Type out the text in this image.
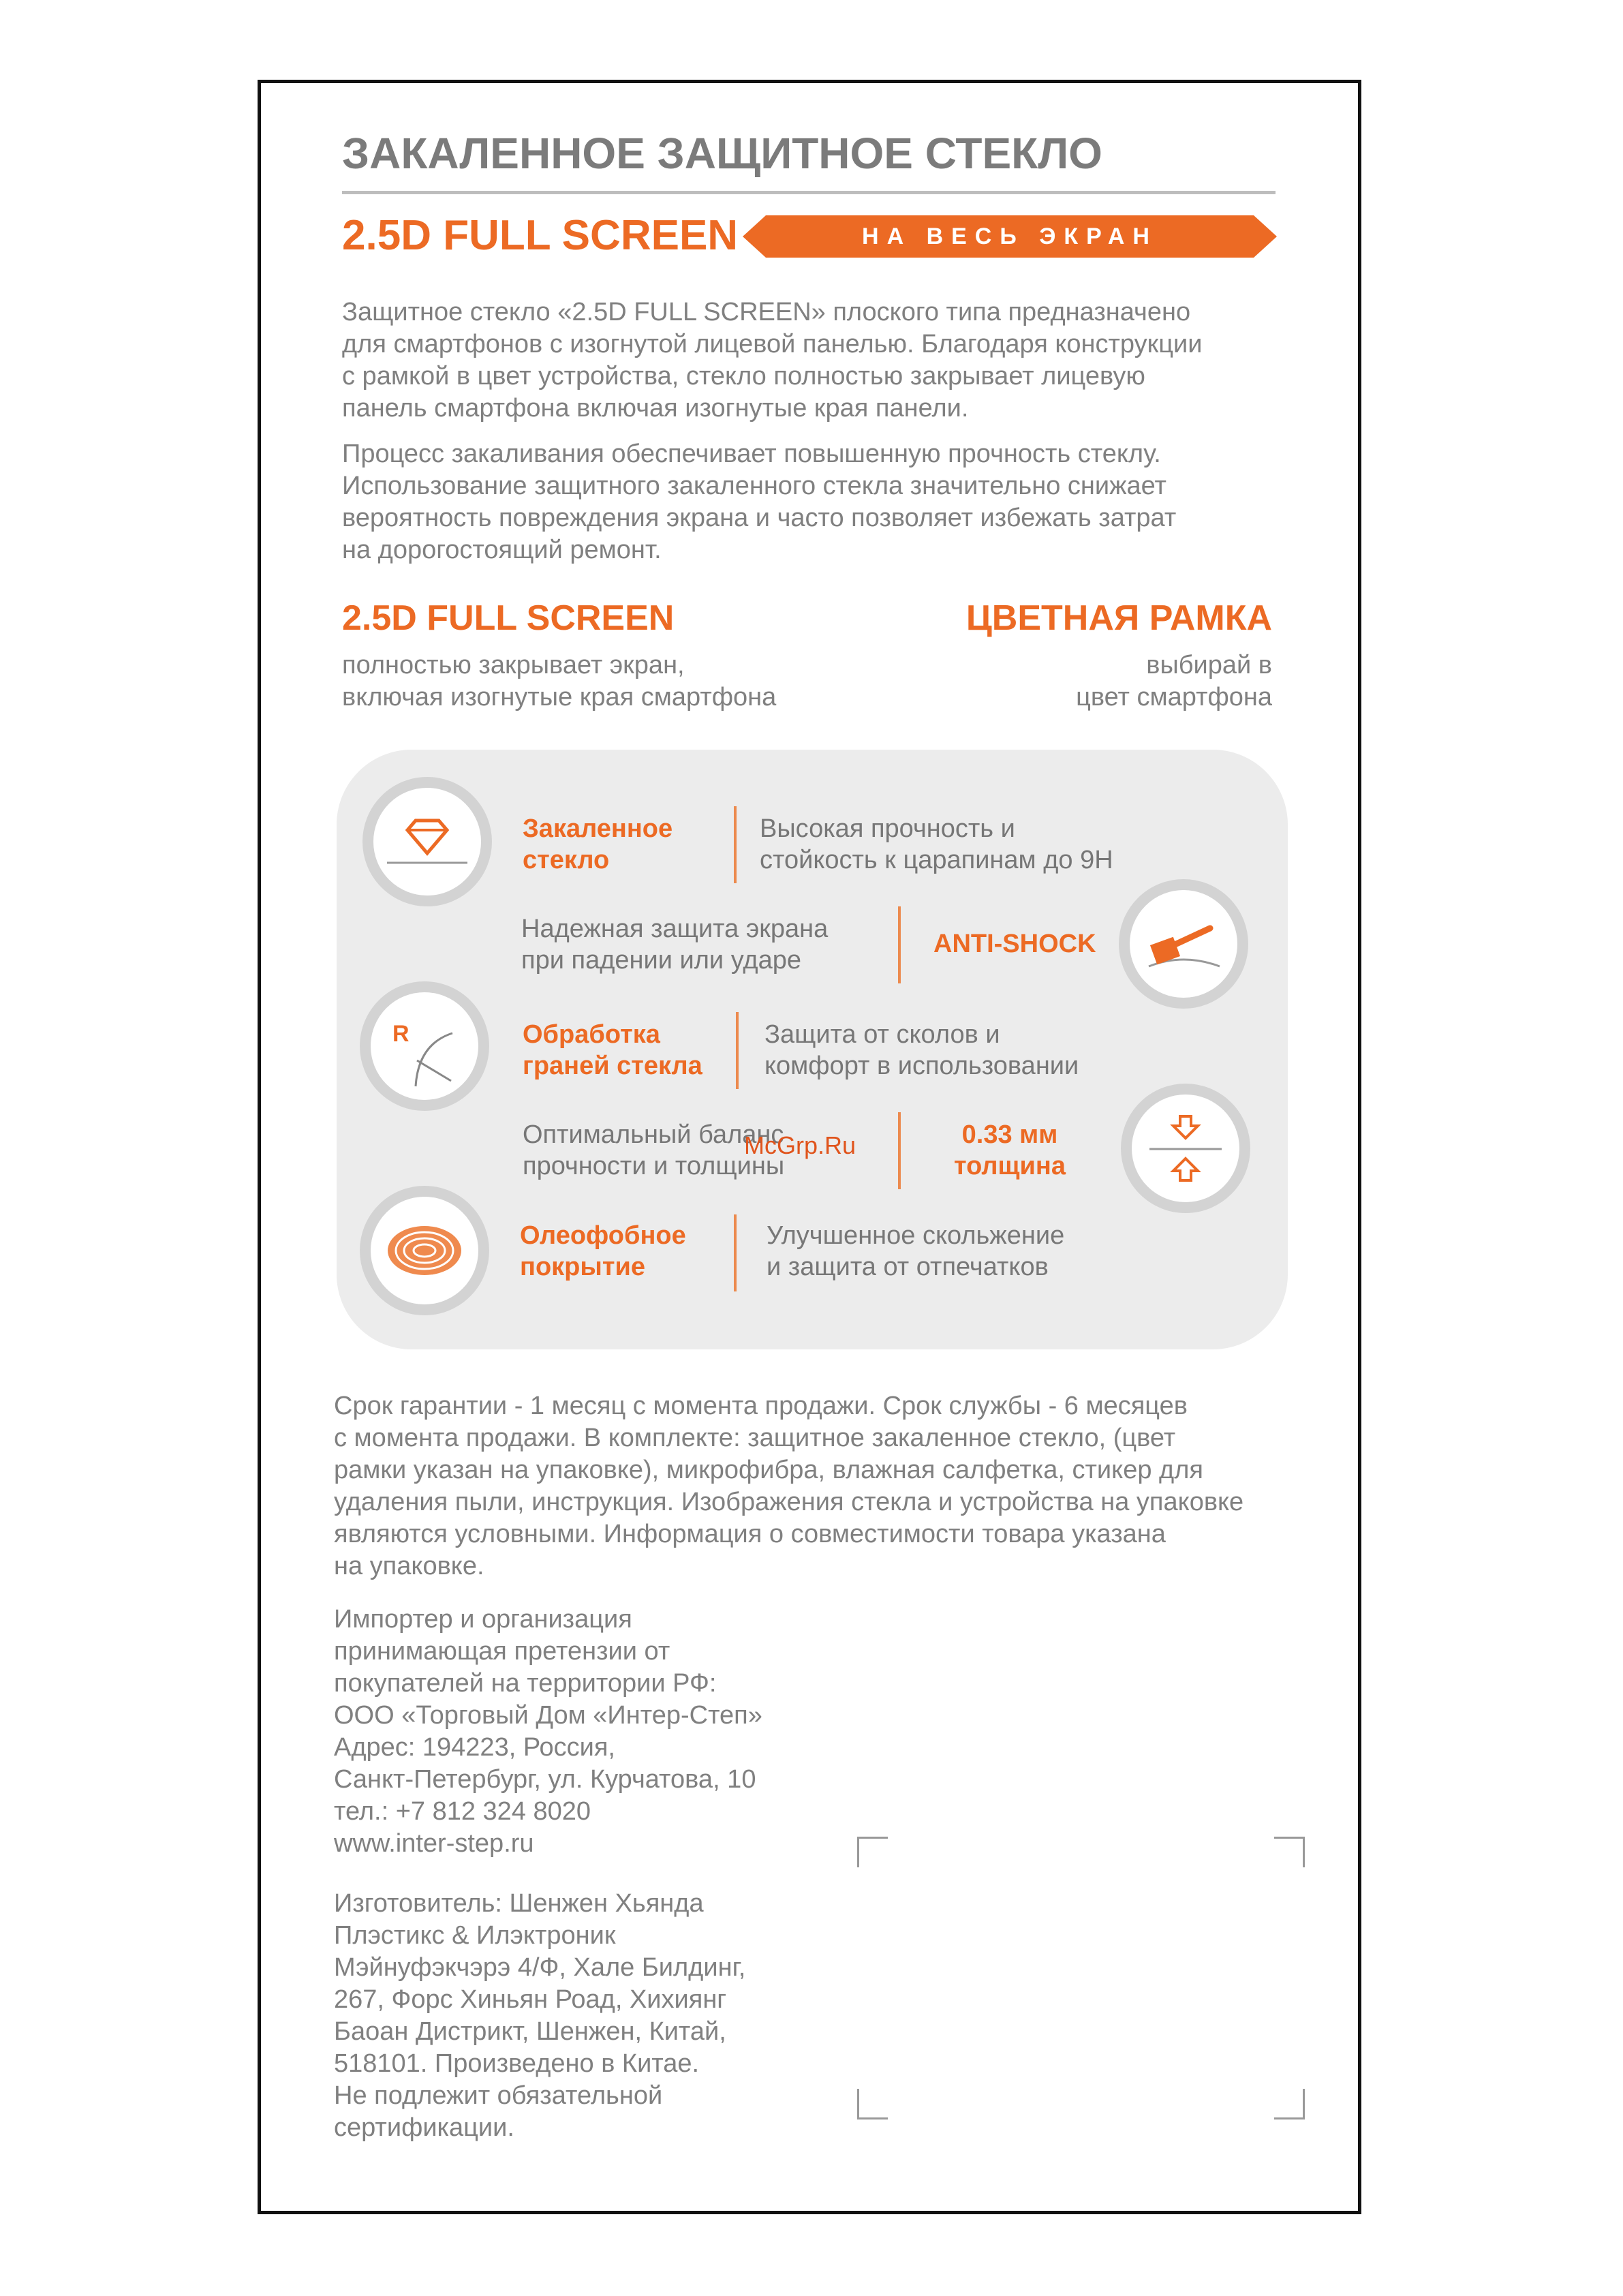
ЗАКАЛЕННОЕ ЗАЩИТНОЕ СТЕКЛО
2.5D FULL SCREEN	НА ВЕСЬ ЭКРАН
Защитное стекло «2.5D FULL SCREEN» плоского типа предназначено
для смартфонов с изогнутой лицевой панелью. Благодаря конструкции
с рамкой в цвет устройства, стекло полностью закрывает лицевую
панель смартфона включая изогнутые края панели.
Процесс закаливания обеспечивает повышенную прочность стеклу.
Использование защитного закаленного стекла значительно снижает
вероятность повреждения экрана и часто позволяет избежать затрат
на дорогостоящий ремонт.
2.5D FULL SCREEN
полностью закрывает экран,
включая изогнутые края смартфона
ЦВЕТНАЯ РАМКА
выбирай в
цвет смартфона
Закаленное
стекло
Высокая прочность и
стойкость к царапинам до 9H
Надежная защита экрана
при падении или ударе
ANTI-SHOCK
R	Обработка
граней стекла
Защита от сколов и
комфорт в использовании
Оптимальный баланс
прочности и толщины
0.33 мм
толщина
Олеофобное
покрытие
Улучшенное скольжение
и защита от отпечатков
McGrp.Ru
Срок гарантии - 1 месяц с момента продажи. Срок службы - 6 месяцев
с момента продажи. В комплекте: защитное закаленное стекло, (цвет
рамки указан на упаковке), микрофибра, влажная салфетка, стикер для
удаления пыли, инструкция. Изображения стекла и устройства на упаковке
являются условными. Информация о совместимости товара указана
на упаковке.
Импортер и организация
принимающая претензии от
покупателей на территории РФ:
ООО «Торговый Дом «Интер-Степ»
Адрес: 194223, Россия,
Санкт-Петербург, ул. Курчатова, 10
тел.: +7 812 324 8020
www.inter-step.ru
Изготовитель: Шенжен Хьянда
Плэстикс & Илэктроник
Мэйнуфэкчэрэ 4/Ф, Хале Билдинг,
267, Форс Хиньян Роад, Хихиянг
Баоан Дистрикт, Шенжен, Китай,
518101. Произведено в Китае.
Не подлежит обязательной
сертификации.
